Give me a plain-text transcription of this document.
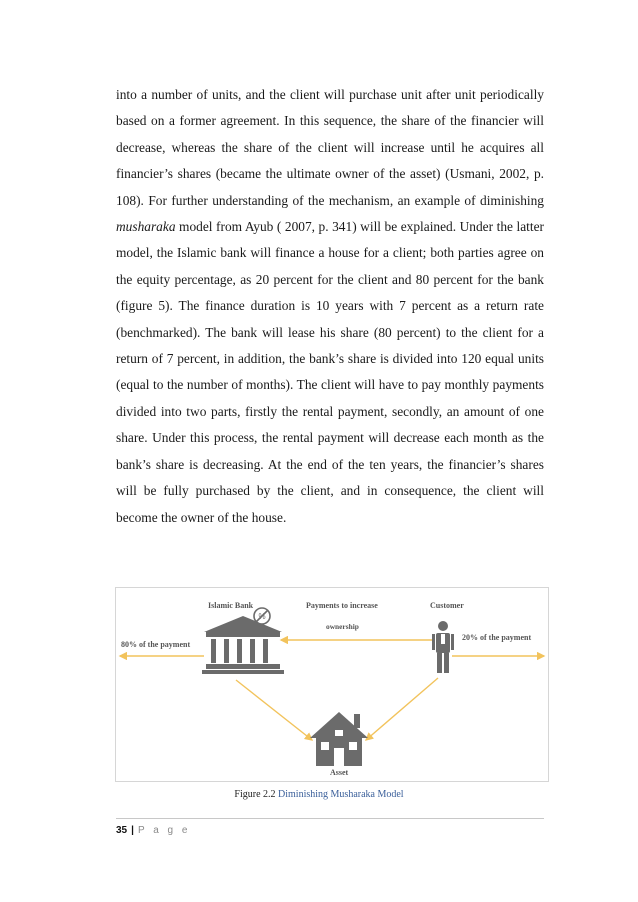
into a number of units, and the client will purchase unit after unit periodically based on a former agreement. In this sequence, the share of the financier will decrease, whereas the share of the client will increase until he acquires all financier’s shares (became the ultimate owner of the asset) (Usmani, 2002, p. 108). For further understanding of the mechanism, an example of diminishing musharaka model from Ayub ( 2007, p. 341) will be explained. Under the latter model, the Islamic bank will finance a house for a client; both parties agree on the equity percentage, as 20 percent for the client and 80 percent for the bank (figure 5). The finance duration is 10 years with 7 percent as a return rate (benchmarked). The bank will lease his share (80 percent) to the client for a return of 7 percent, in addition, the bank’s share is divided into 120 equal units (equal to the number of months). The client will have to pay monthly payments divided into two parts, firstly the rental payment, secondly, an amount of one share. Under this process, the rental payment will decrease each month as the bank’s share is decreasing. At the end of the ten years, the financier’s shares will be fully purchased by the client, and in consequence, the client will become the owner of the house.

%
Islamic Bank	Payments to increase
ownership
Customer
80% of the payment
20% of the payment
Asset
Figure 2.2 Diminishing Musharaka Model
35 | P a g e
